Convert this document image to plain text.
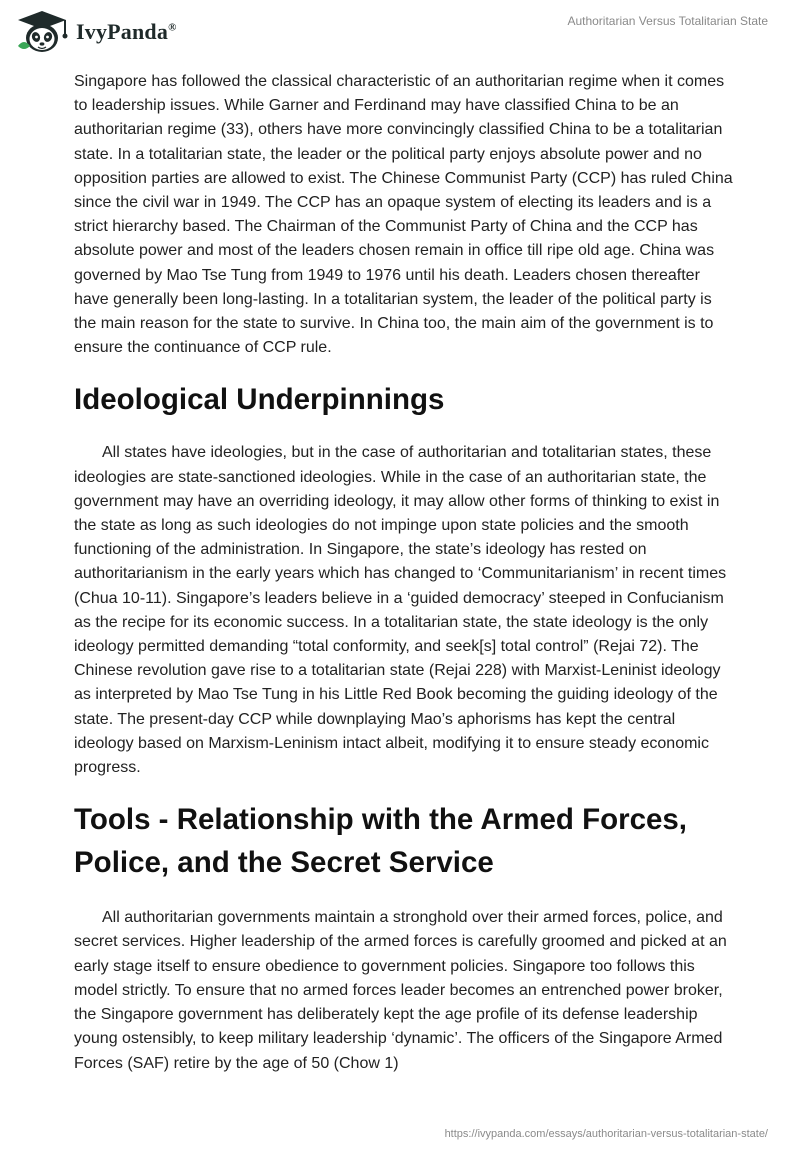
IvyPanda®	Authoritarian Versus Totalitarian State

Singapore has followed the classical characteristic of an authoritarian regime when it comes to leadership issues. While Garner and Ferdinand may have classified China to be an authoritarian regime (33), others have more convincingly classified China to be a totalitarian state. In a totalitarian state, the leader or the political party enjoys absolute power and no opposition parties are allowed to exist. The Chinese Communist Party (CCP) has ruled China since the civil war in 1949. The CCP has an opaque system of electing its leaders and is a strict hierarchy based. The Chairman of the Communist Party of China and the CCP has absolute power and most of the leaders chosen remain in office till ripe old age. China was governed by Mao Tse Tung from 1949 to 1976 until his death. Leaders chosen thereafter have generally been long-lasting. In a totalitarian system, the leader of the political party is the main reason for the state to survive. In China too, the main aim of the government is to ensure the continuance of CCP rule.

Ideological Underpinnings

All states have ideologies, but in the case of authoritarian and totalitarian states, these ideologies are state-sanctioned ideologies. While in the case of an authoritarian state, the government may have an overriding ideology, it may allow other forms of thinking to exist in the state as long as such ideologies do not impinge upon state policies and the smooth functioning of the administration. In Singapore, the state’s ideology has rested on authoritarianism in the early years which has changed to ‘Communitarianism’ in recent times (Chua 10-11). Singapore’s leaders believe in a ‘guided democracy’ steeped in Confucianism as the recipe for its economic success. In a totalitarian state, the state ideology is the only ideology permitted demanding “total conformity, and seek[s] total control” (Rejai 72). The Chinese revolution gave rise to a totalitarian state (Rejai 228) with Marxist-Leninist ideology as interpreted by Mao Tse Tung in his Little Red Book becoming the guiding ideology of the state. The present-day CCP while downplaying Mao’s aphorisms has kept the central ideology based on Marxism-Leninism intact albeit, modifying it to ensure steady economic progress.

Tools - Relationship with the Armed Forces, Police, and the Secret Service

All authoritarian governments maintain a stronghold over their armed forces, police, and secret services. Higher leadership of the armed forces is carefully groomed and picked at an early stage itself to ensure obedience to government policies. Singapore too follows this model strictly. To ensure that no armed forces leader becomes an entrenched power broker, the Singapore government has deliberately kept the age profile of its defense leadership young ostensibly, to keep military leadership ‘dynamic’. The officers of the Singapore Armed Forces (SAF) retire by the age of 50 (Chow 1)

https://ivypanda.com/essays/authoritarian-versus-totalitarian-state/
